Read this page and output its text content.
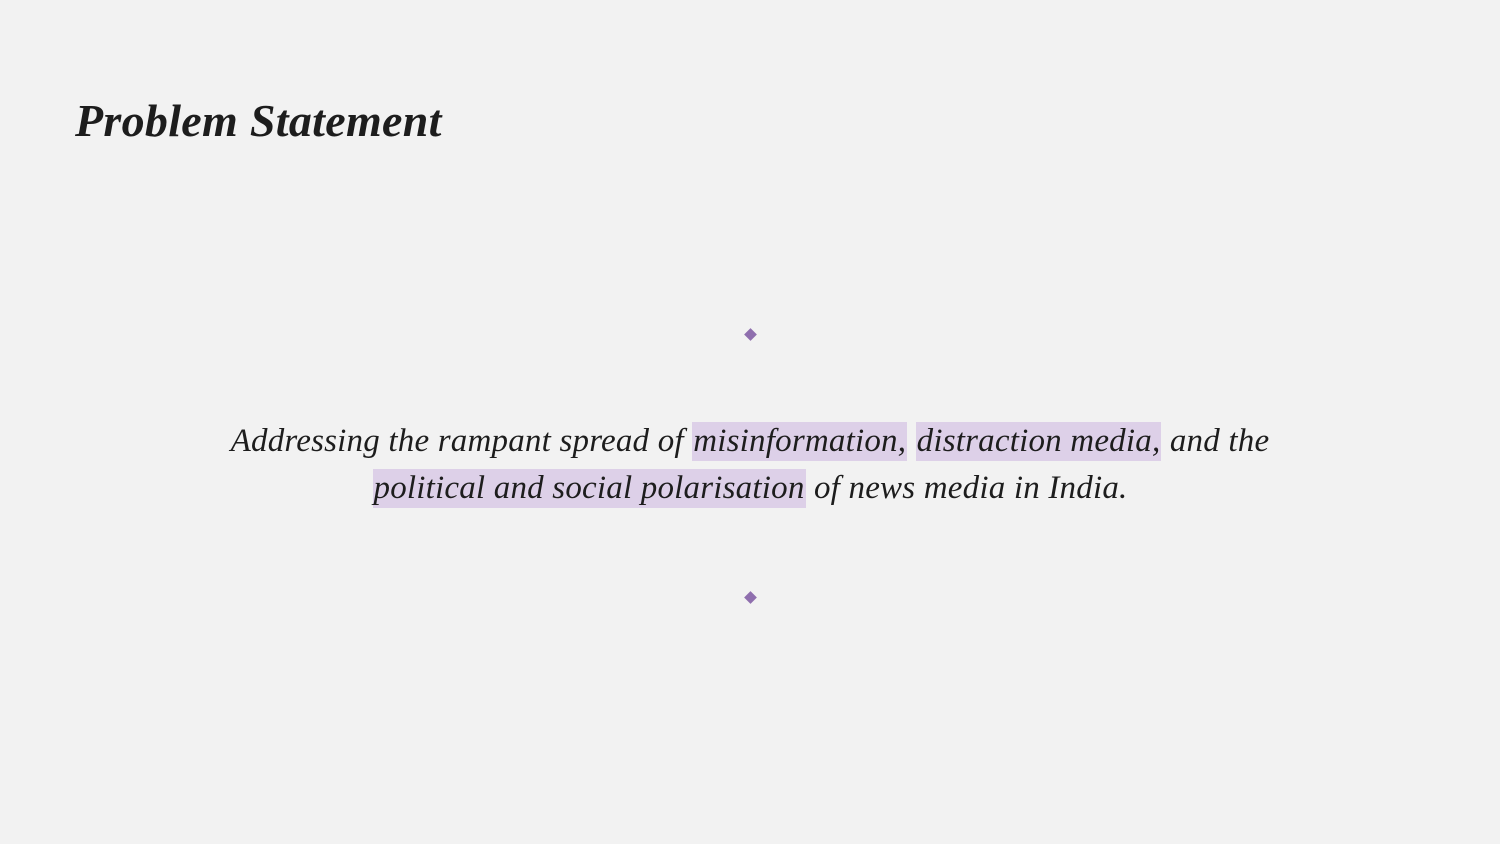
Problem Statement

Addressing the rampant spread of misinformation, distraction media, and the political and social polarisation of news media in India.
